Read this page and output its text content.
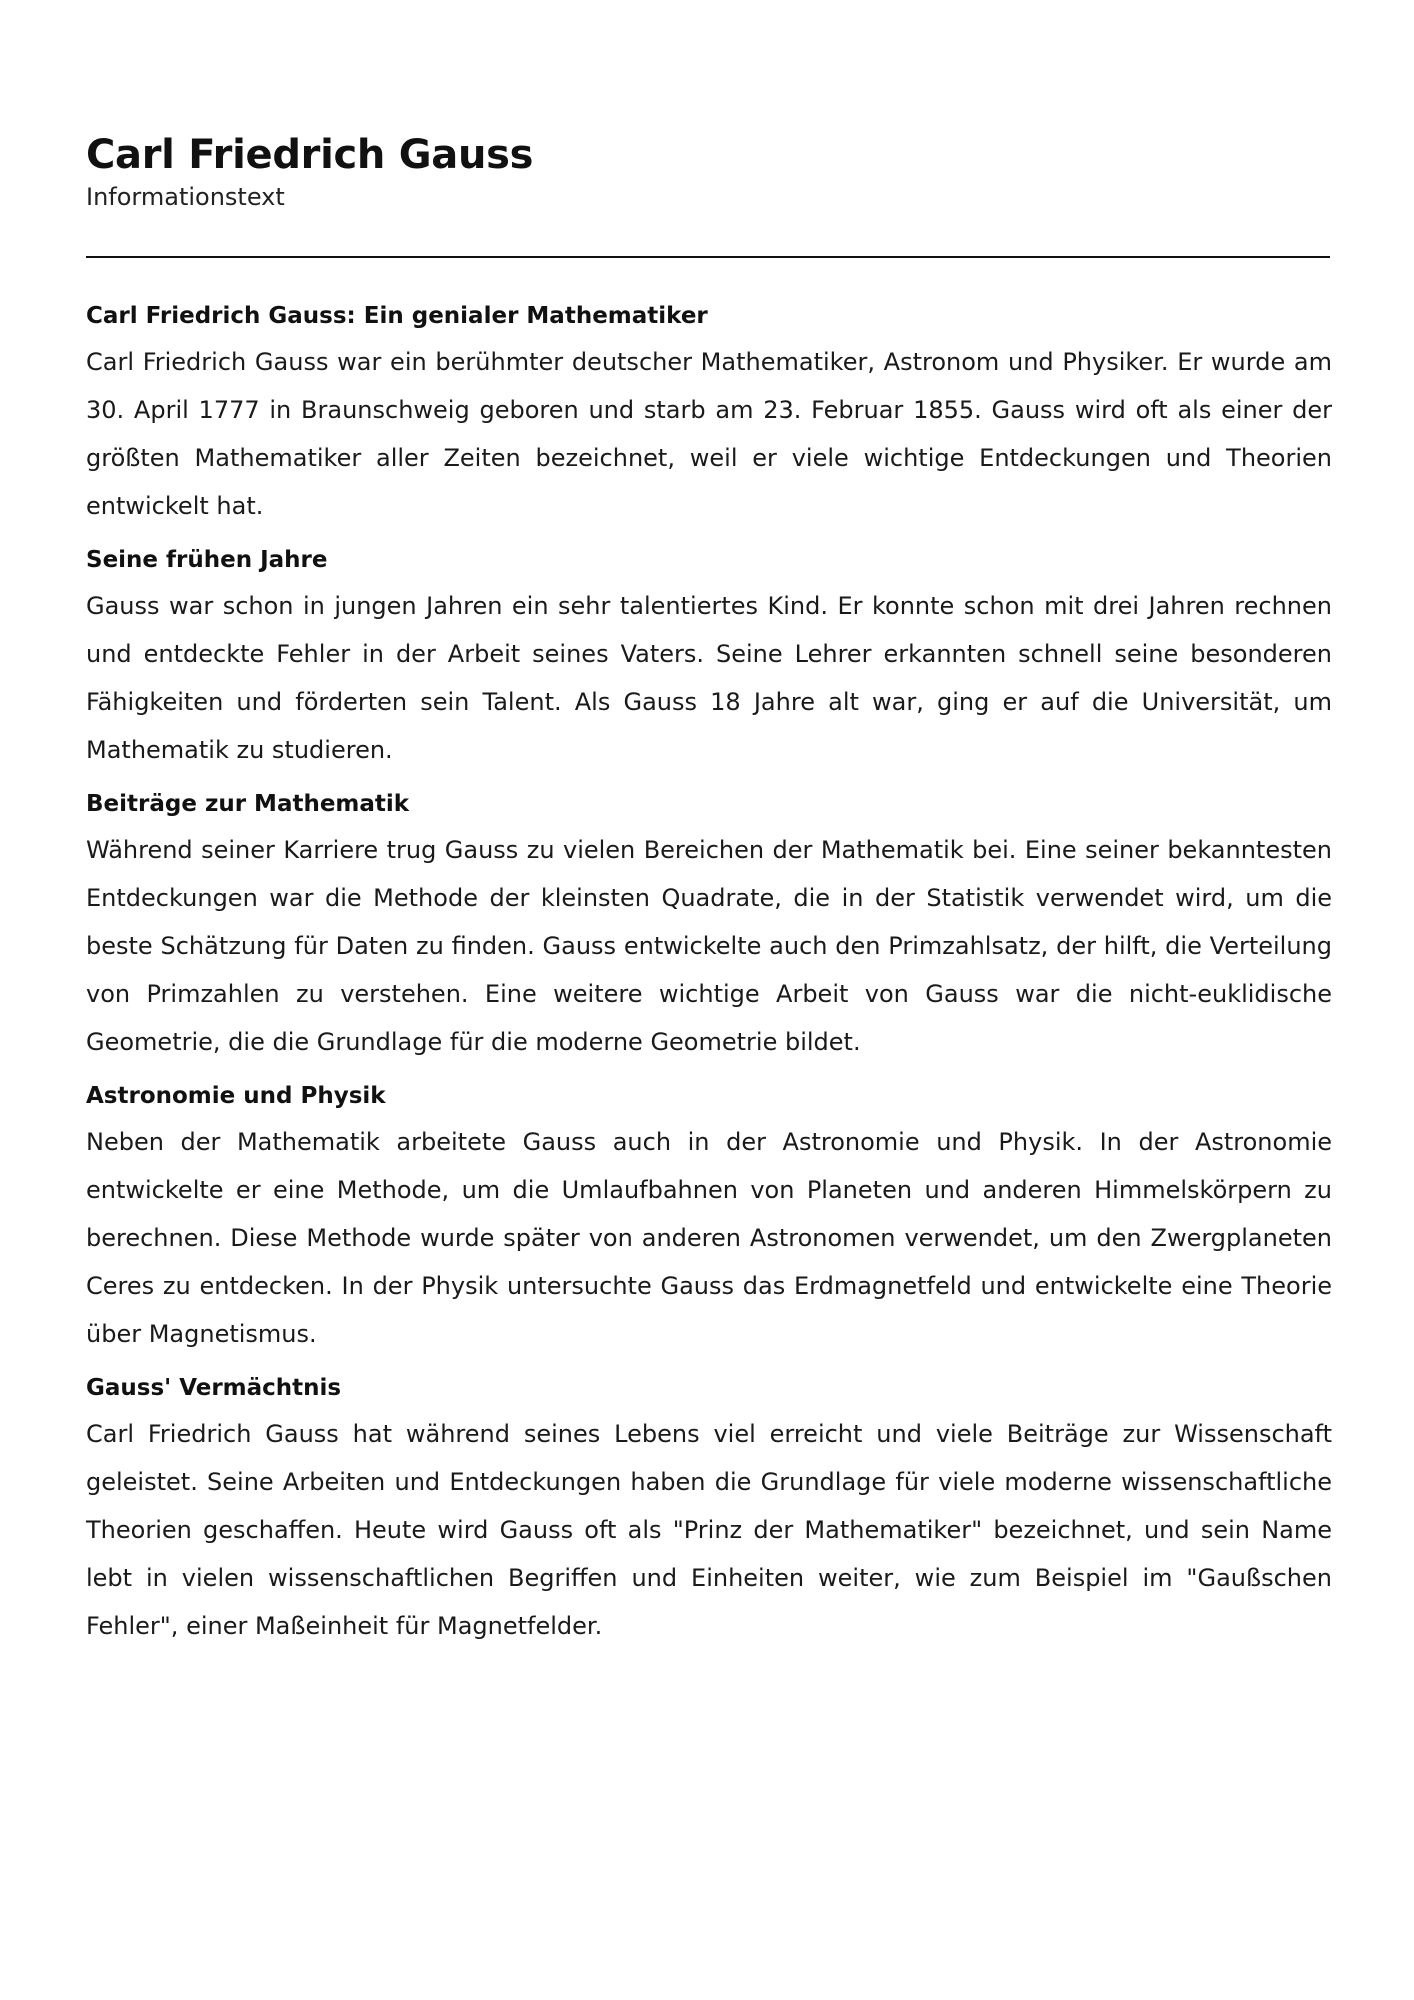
Carl Friedrich Gauss
Informationstext
Carl Friedrich Gauss: Ein genialer Mathematiker

Carl Friedrich Gauss war ein berühmter deutscher Mathematiker, Astronom und Physiker. Er wurde am 30. April 1777 in Braunschweig geboren und starb am 23. Februar 1855. Gauss wird oft als einer der größten Mathematiker aller Zeiten bezeichnet, weil er viele wichtige Entdeckungen und Theorien entwickelt hat.

Seine frühen Jahre

Gauss war schon in jungen Jahren ein sehr talentiertes Kind. Er konnte schon mit drei Jahren rechnen und entdeckte Fehler in der Arbeit seines Vaters. Seine Lehrer erkannten schnell seine besonderen Fähigkeiten und förderten sein Talent. Als Gauss 18 Jahre alt war, ging er auf die Universität, um Mathematik zu studieren.

Beiträge zur Mathematik

Während seiner Karriere trug Gauss zu vielen Bereichen der Mathematik bei. Eine seiner bekanntesten Entdeckungen war die Methode der kleinsten Quadrate, die in der Statistik verwendet wird, um die beste Schätzung für Daten zu finden. Gauss entwickelte auch den Primzahlsatz, der hilft, die Verteilung von Primzahlen zu verstehen. Eine weitere wichtige Arbeit von Gauss war die nicht-euklidische Geometrie, die die Grundlage für die moderne Geometrie bildet.

Astronomie und Physik

Neben der Mathematik arbeitete Gauss auch in der Astronomie und Physik. In der Astronomie entwickelte er eine Methode, um die Umlaufbahnen von Planeten und anderen Himmelskörpern zu berechnen. Diese Methode wurde später von anderen Astronomen verwendet, um den Zwergplaneten Ceres zu entdecken. In der Physik untersuchte Gauss das Erdmagnetfeld und entwickelte eine Theorie über Magnetismus.

Gauss' Vermächtnis

Carl Friedrich Gauss hat während seines Lebens viel erreicht und viele Beiträge zur Wissenschaft geleistet. Seine Arbeiten und Entdeckungen haben die Grundlage für viele moderne wissenschaftliche Theorien geschaffen. Heute wird Gauss oft als "Prinz der Mathematiker" bezeichnet, und sein Name lebt in vielen wissenschaftlichen Begriffen und Einheiten weiter, wie zum Beispiel im "Gaußschen Fehler", einer Maßeinheit für Magnetfelder.
